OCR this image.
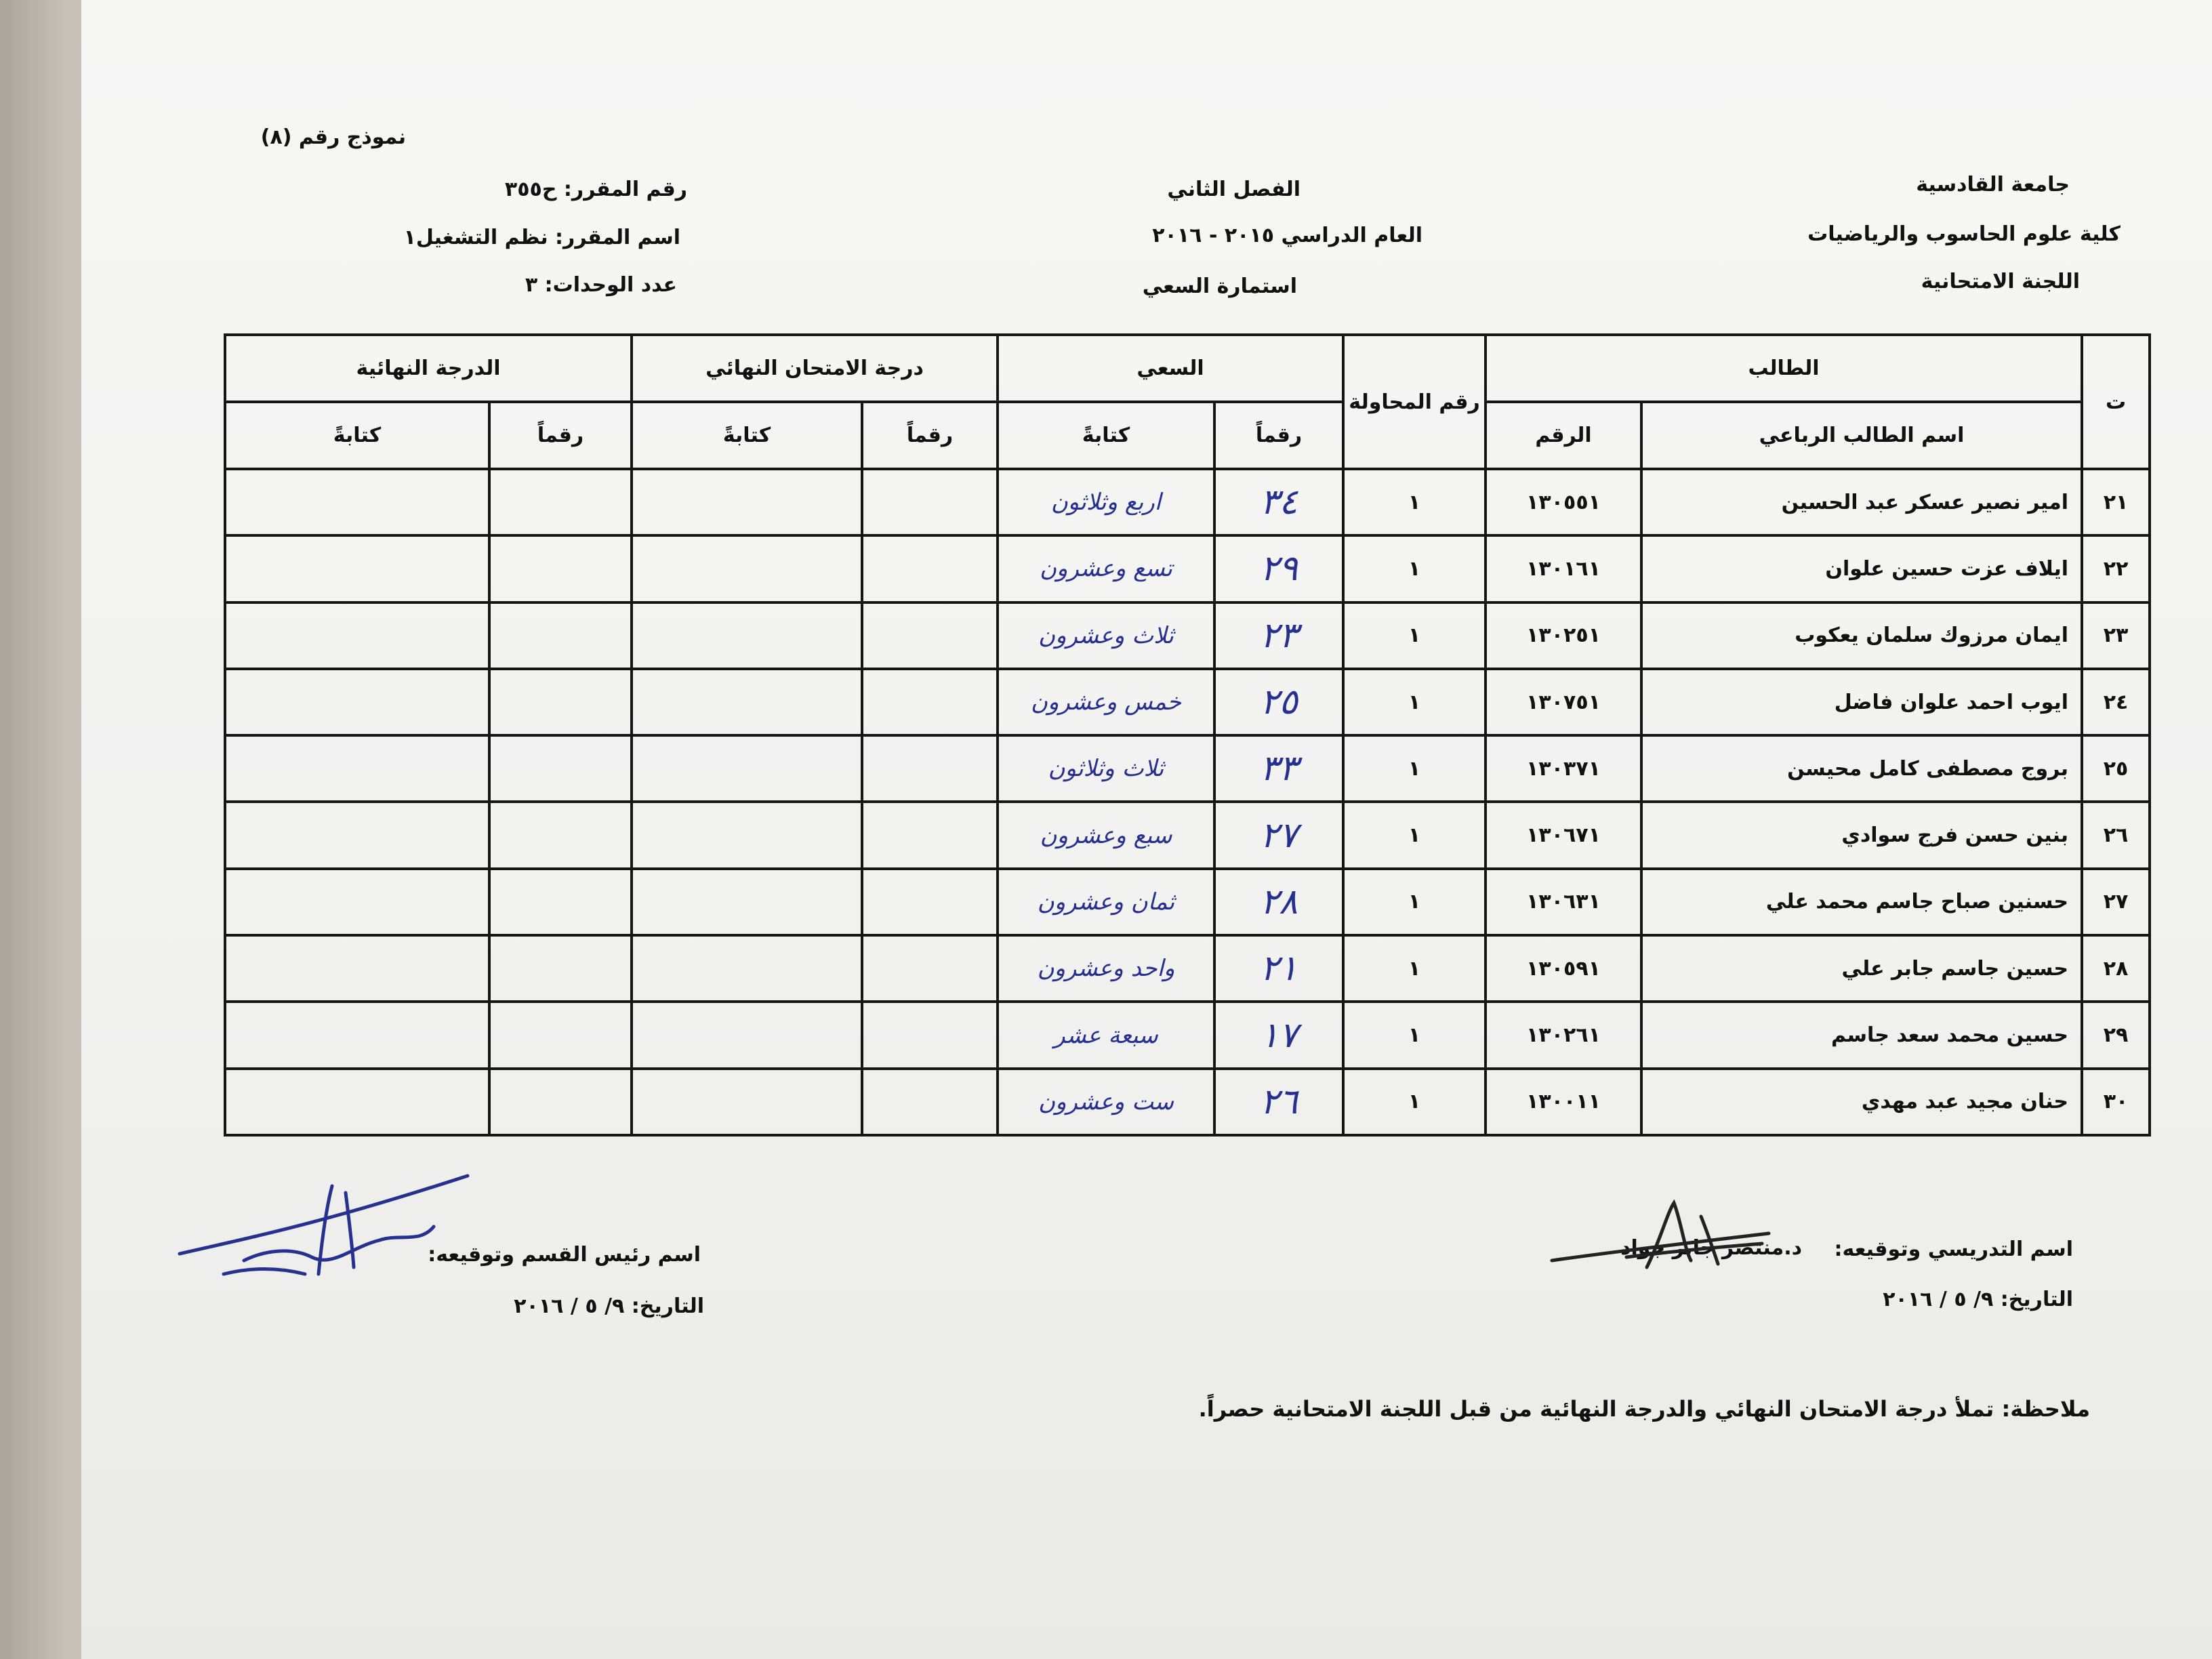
نموذج رقم (٨)
جامعة القادسية
كلية علوم الحاسوب والرياضيات
اللجنة الامتحانية
الفصل الثاني
العام الدراسي ٢٠١٥ - ٢٠١٦
استمارة السعي
رقم المقرر: ح٣٥٥
اسم المقرر: نظم التشغيل١
عدد الوحدات: ٣
ت	الطالب		رقم المحاولة	السعي		درجة الامتحان النهائي		الدرجة النهائية	
	اسم الطالب الرباعي	الرقم		رقماً	كتابةً	رقماً	كتابةً	رقماً	كتابةً
٢١	امير نصير عسكر عبد الحسين	١٣٠٥٥١	١	٣٤	اربع وثلاثون				
٢٢	ايلاف عزت حسين علوان	١٣٠١٦١	١	٢٩	تسع وعشرون				
٢٣	ايمان مرزوك سلمان يعكوب	١٣٠٢٥١	١	٢٣	ثلاث وعشرون				
٢٤	ايوب احمد علوان فاضل	١٣٠٧٥١	١	٢٥	خمس وعشرون				
٢٥	بروج مصطفى كامل محيسن	١٣٠٣٧١	١	٣٣	ثلاث وثلاثون				
٢٦	بنين حسن فرج سوادي	١٣٠٦٧١	١	٢٧	سبع وعشرون				
٢٧	حسنين صباح جاسم محمد علي	١٣٠٦٣١	١	٢٨	ثمان وعشرون				
٢٨	حسين جاسم جابر علي	١٣٠٥٩١	١	٢١	واحد وعشرون				
٢٩	حسين محمد سعد جاسم	١٣٠٢٦١	١	١٧	سبعة عشر				
٣٠	حنان مجيد عبد مهدي	١٣٠٠١١	١	٢٦	ست وعشرون				
اسم التدريسي وتوقيعه:
د.منتصر جابر جواد
التاريخ: ٩/ ٥ / ٢٠١٦
اسم رئيس القسم وتوقيعه:
التاريخ: ٩/ ٥ / ٢٠١٦
ملاحظة: تملأ درجة الامتحان النهائي والدرجة النهائية من قبل اللجنة الامتحانية حصراً.
